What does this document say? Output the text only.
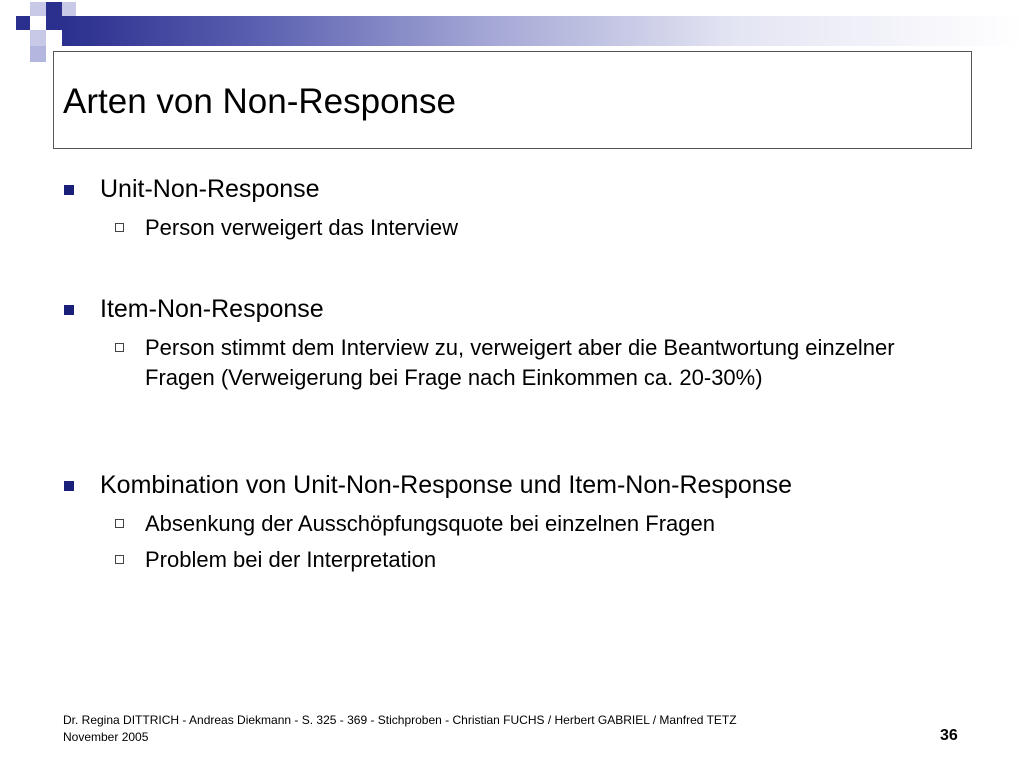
Arten von Non-Response
Unit-Non-Response
Person verweigert das Interview
Item-Non-Response
Person stimmt dem Interview zu, verweigert aber die Beantwortung einzelner Fragen (Verweigerung bei Frage nach Einkommen ca. 20-30%)
Kombination von Unit-Non-Response und Item-Non-Response
Absenkung der Ausschöpfungsquote bei einzelnen Fragen
Problem bei der Interpretation
Dr. Regina DITTRICH - Andreas Diekmann - S. 325 - 369 - Stichproben - Christian FUCHS / Herbert GABRIEL / Manfred TETZ
November 2005	36
